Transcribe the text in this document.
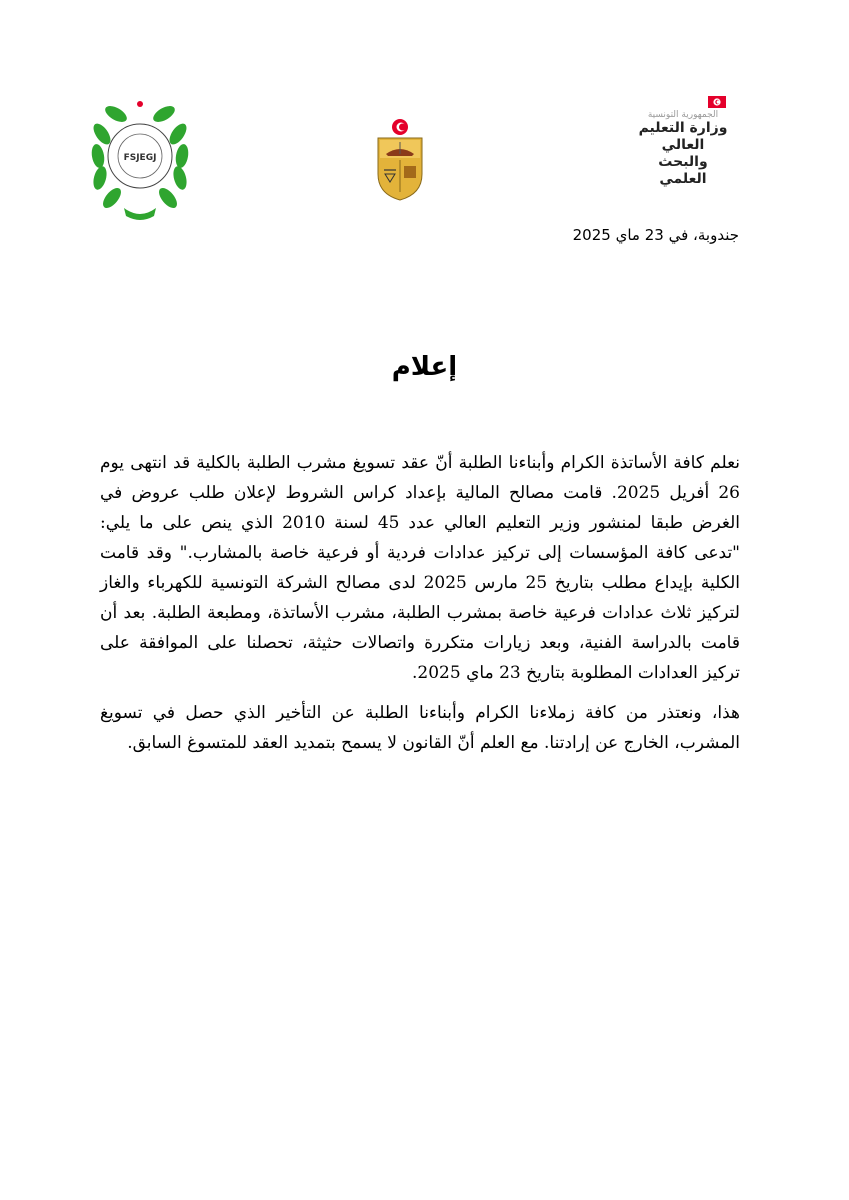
FSJEGJ
الجمهورية التونسية
وزارة التعليم العالي
والبحث العلمي
جندوبة، في 23 ماي 2025
إعلام

نعلم كافة الأساتذة الكرام وأبناءنا الطلبة أنّ عقد تسويغ مشرب الطلبة بالكلية قد انتهى يوم 26 أفريل 2025. قامت مصالح المالية بإعداد كراس الشروط لإعلان طلب عروض في الغرض طبقا لمنشور وزير التعليم العالي عدد 45 لسنة 2010 الذي ينص على ما يلي: "تدعى كافة المؤسسات إلى تركيز عدادات فردية أو فرعية خاصة بالمشارب." وقد قامت الكلية بإيداع مطلب بتاريخ 25 مارس 2025 لدى مصالح الشركة التونسية للكهرباء والغاز لتركيز ثلاث عدادات فرعية خاصة بمشرب الطلبة، مشرب الأساتذة، ومطبعة الطلبة. بعد أن قامت بالدراسة الفنية، وبعد زيارات متكررة واتصالات حثيثة، تحصلنا على الموافقة على تركيز العدادات المطلوبة بتاريخ 23 ماي 2025.

هذا، ونعتذر من كافة زملاءنا الكرام وأبناءنا الطلبة عن التأخير الذي حصل في تسويغ المشرب، الخارج عن إرادتنا. مع العلم أنّ القانون لا يسمح بتمديد العقد للمتسوغ السابق.
